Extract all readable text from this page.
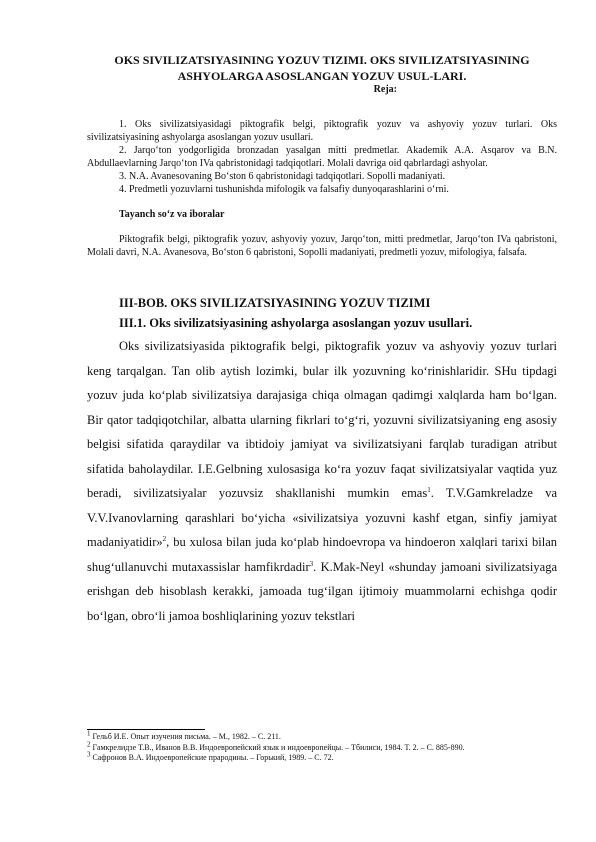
OKS SIVILIZATSIYASINING YOZUV TIZIMI. OKS SIVILIZATSIYASINING ASHYOLARGA ASOSLANGAN YOZUV USUL-LARI.

Reja:

1. Oks sivilizatsiyasidagi piktografik belgi, piktografik yozuv va ashyoviy yozuv turlari. Oks sivilizatsiyasining ashyolarga asoslangan yozuv usullari.

2. Jarqo‘ton yodgorligida bronzadan yasalgan mitti predmetlar. Akademik A.A. Asqarov va B.N. Abdullaevlarning Jarqo‘ton IVa qabristonidagi tadqiqotlari. Molali davriga oid qabrlardagi ashyolar.

3. N.A. Avanesovaning Bo‘ston 6 qabristonidagi tadqiqotlari. Sopolli madaniyati.

4. Predmetli yozuvlarni tushunishda mifologik va falsafiy dunyoqarashlarini o‘rni.

Tayanch so‘z va iboralar

Piktografik belgi, piktografik yozuv, ashyoviy yozuv, Jarqo‘ton, mitti predmetlar, Jarqo‘ton IVa qabristoni, Molali davri, N.A. Avanesova, Bo‘ston 6 qabristoni, Sopolli madaniyati, predmetli yozuv, mifologiya, falsafa.

III-BOB. OKS SIVILIZATSIYASINING YOZUV TIZIMI

III.1. Oks sivilizatsiyasining ashyolarga asoslangan yozuv usullari.

Oks sivilizatsiyasida piktografik belgi, piktografik yozuv va ashyoviy yozuv turlari keng tarqalgan. Tan olib aytish lozimki, bular ilk yozuvning ko‘rinishlaridir. SHu tipdagi yozuv juda ko‘plab sivilizatsiya darajasiga chiqa olmagan qadimgi xalqlarda ham bo‘lgan. Bir qator tadqiqotchilar, albatta ularning fikrlari to‘g‘ri, yozuvni sivilizatsiyaning eng asosiy belgisi sifatida qaraydilar va ibtidoiy jamiyat va sivilizatsiyani farqlab turadigan atribut sifatida baholaydilar. I.E.Gelbning xulosasiga ko‘ra yozuv faqat sivilizatsiyalar vaqtida yuz beradi, sivilizatsiyalar yozuvsiz shakllanishi mumkin emas$^1$. T.V.Gamkreladze va V.V.Ivanovlarning qarashlari bo‘yicha «sivilizatsiya yozuvni kashf etgan, sinfiy jamiyat madaniyatidir»$^2$, bu xulosa bilan juda ko‘plab hindoevropa va hindoeron xalqlari tarixi bilan shug‘ullanuvchi mutaxassislar hamfikrdadir$^3$. K.Mak-Neyl «shunday jamoani sivilizatsiyaga erishgan deb hisoblash kerakki, jamoada tug‘ilgan ijtimoiy muammolarni echishga qodir bo‘lgan, obro‘li jamoa boshliqlarining yozuv tekstlari

$^1$ Гельб И.Е. Опыт изучения письма. – М., 1982. – С. 211.

$^2$ Гамкрелидзе Т.В., Иванов В.В. Индоевропейский язык и индоевропейцы. – Тбилиси, 1984. Т. 2. – С. 885-890.

$^3$ Сафронов В.А. Индоевропейские прародины. – Горький, 1989. – С. 72.
